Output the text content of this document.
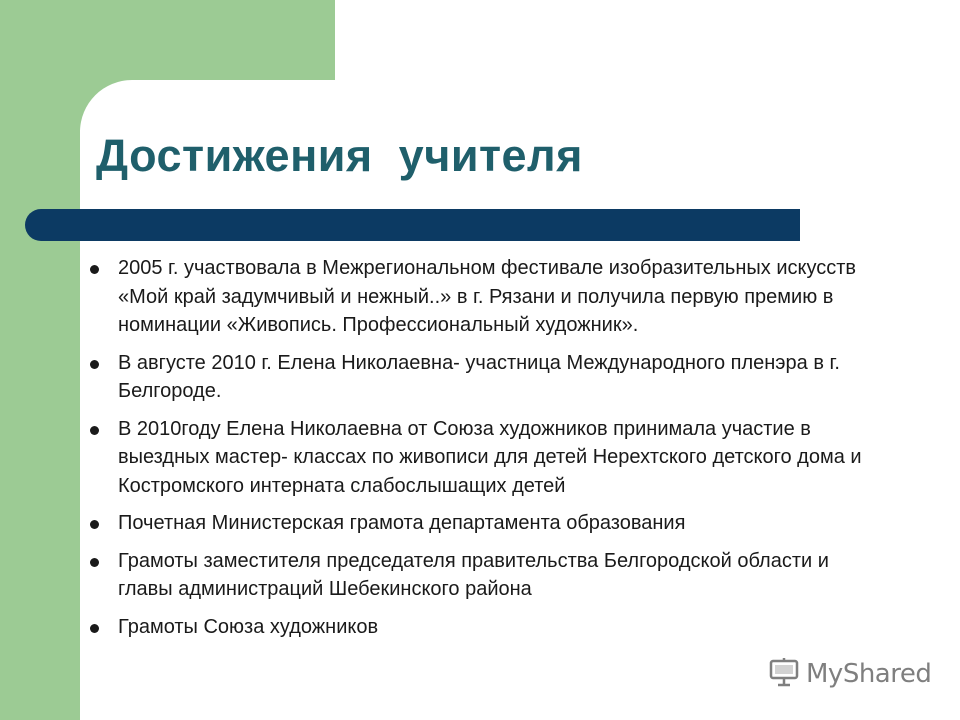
Достижения  учителя
2005 г. участвовала в Межрегиональном фестивале изобразительных искусств «Мой край задумчивый и нежный..» в г. Рязани и получила первую премию в номинации «Живопись. Профессиональный художник».
В августе 2010 г. Елена Николаевна- участница Международного пленэра в г. Белгороде.
В 2010году Елена Николаевна от Союза художников принимала участие в выездных мастер- классах по живописи для детей Нерехтского детского дома и Костромского интерната слабослышащих детей
Почетная Министерская грамота департамента образования
Грамоты заместителя председателя правительства Белгородской области и главы администраций Шебекинского района
Грамоты Союза художников
MyShared
